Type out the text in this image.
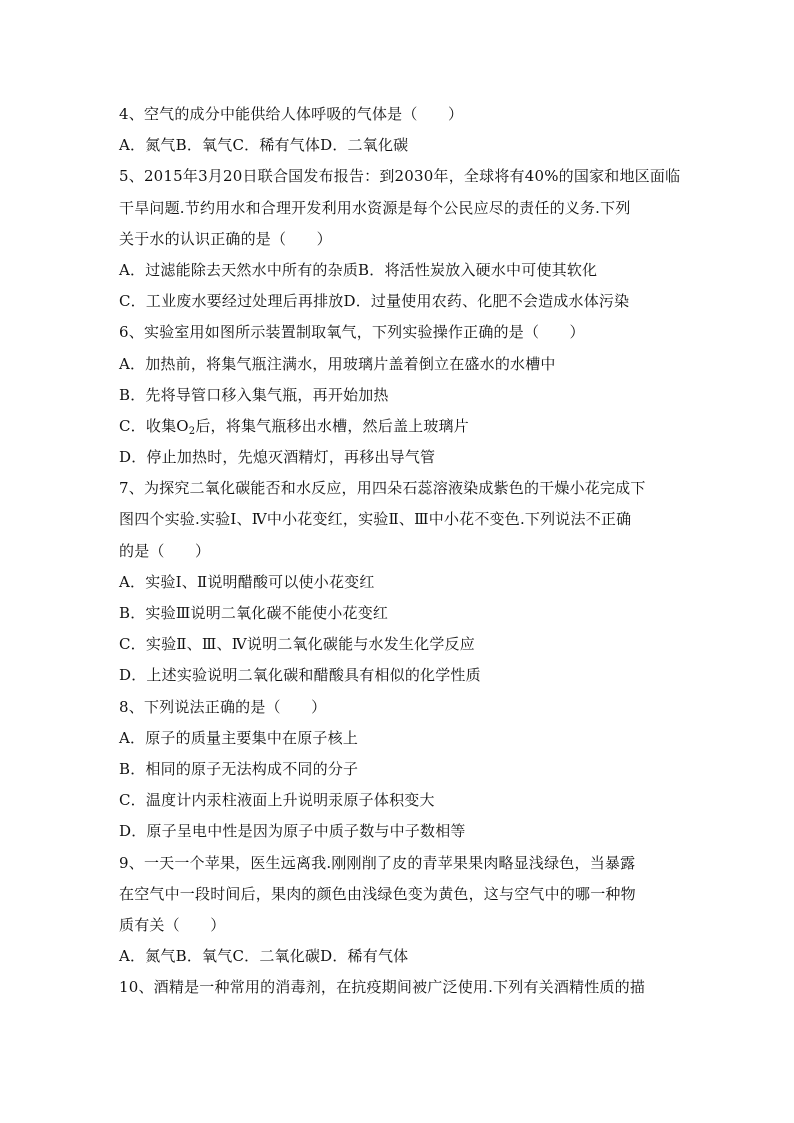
4、空气的成分中能供给人体呼吸的气体是（　　）
A．氮气B．氧气C．稀有气体D．二氧化碳
5、2015年3月20日联合国发布报告：到2030年，全球将有40%的国家和地区面临
干旱问题.节约用水和合理开发利用水资源是每个公民应尽的责任的义务.下列
关于水的认识正确的是（　　）
A．过滤能除去天然水中所有的杂质B．将活性炭放入硬水中可使其软化
C．工业废水要经过处理后再排放D．过量使用农药、化肥不会造成水体污染
6、实验室用如图所示装置制取氧气，下列实验操作正确的是（　　）
A．加热前，将集气瓶注满水，用玻璃片盖着倒立在盛水的水槽中
B．先将导管口移入集气瓶，再开始加热
C．收集$O_2$后，将集气瓶移出水槽，然后盖上玻璃片
D．停止加热时，先熄灭酒精灯，再移出导气管
7、为探究二氧化碳能否和水反应，用四朵石蕊溶液染成紫色的干燥小花完成下
图四个实验.实验Ⅰ、Ⅳ中小花变红，实验Ⅱ、Ⅲ中小花不变色.下列说法不正确
的是（　　）
A．实验Ⅰ、Ⅱ说明醋酸可以使小花变红
B．实验Ⅲ说明二氧化碳不能使小花变红
C．实验Ⅱ、Ⅲ、Ⅳ说明二氧化碳能与水发生化学反应
D．上述实验说明二氧化碳和醋酸具有相似的化学性质
8、下列说法正确的是（　　）
A．原子的质量主要集中在原子核上
B．相同的原子无法构成不同的分子
C．温度计内汞柱液面上升说明汞原子体积变大
D．原子呈电中性是因为原子中质子数与中子数相等
9、一天一个苹果，医生远离我.刚刚削了皮的青苹果果肉略显浅绿色，当暴露
在空气中一段时间后，果肉的颜色由浅绿色变为黄色，这与空气中的哪一种物
质有关（　　）
A．氮气B．氧气C．二氧化碳D．稀有气体
10、酒精是一种常用的消毒剂，在抗疫期间被广泛使用.下列有关酒精性质的描
